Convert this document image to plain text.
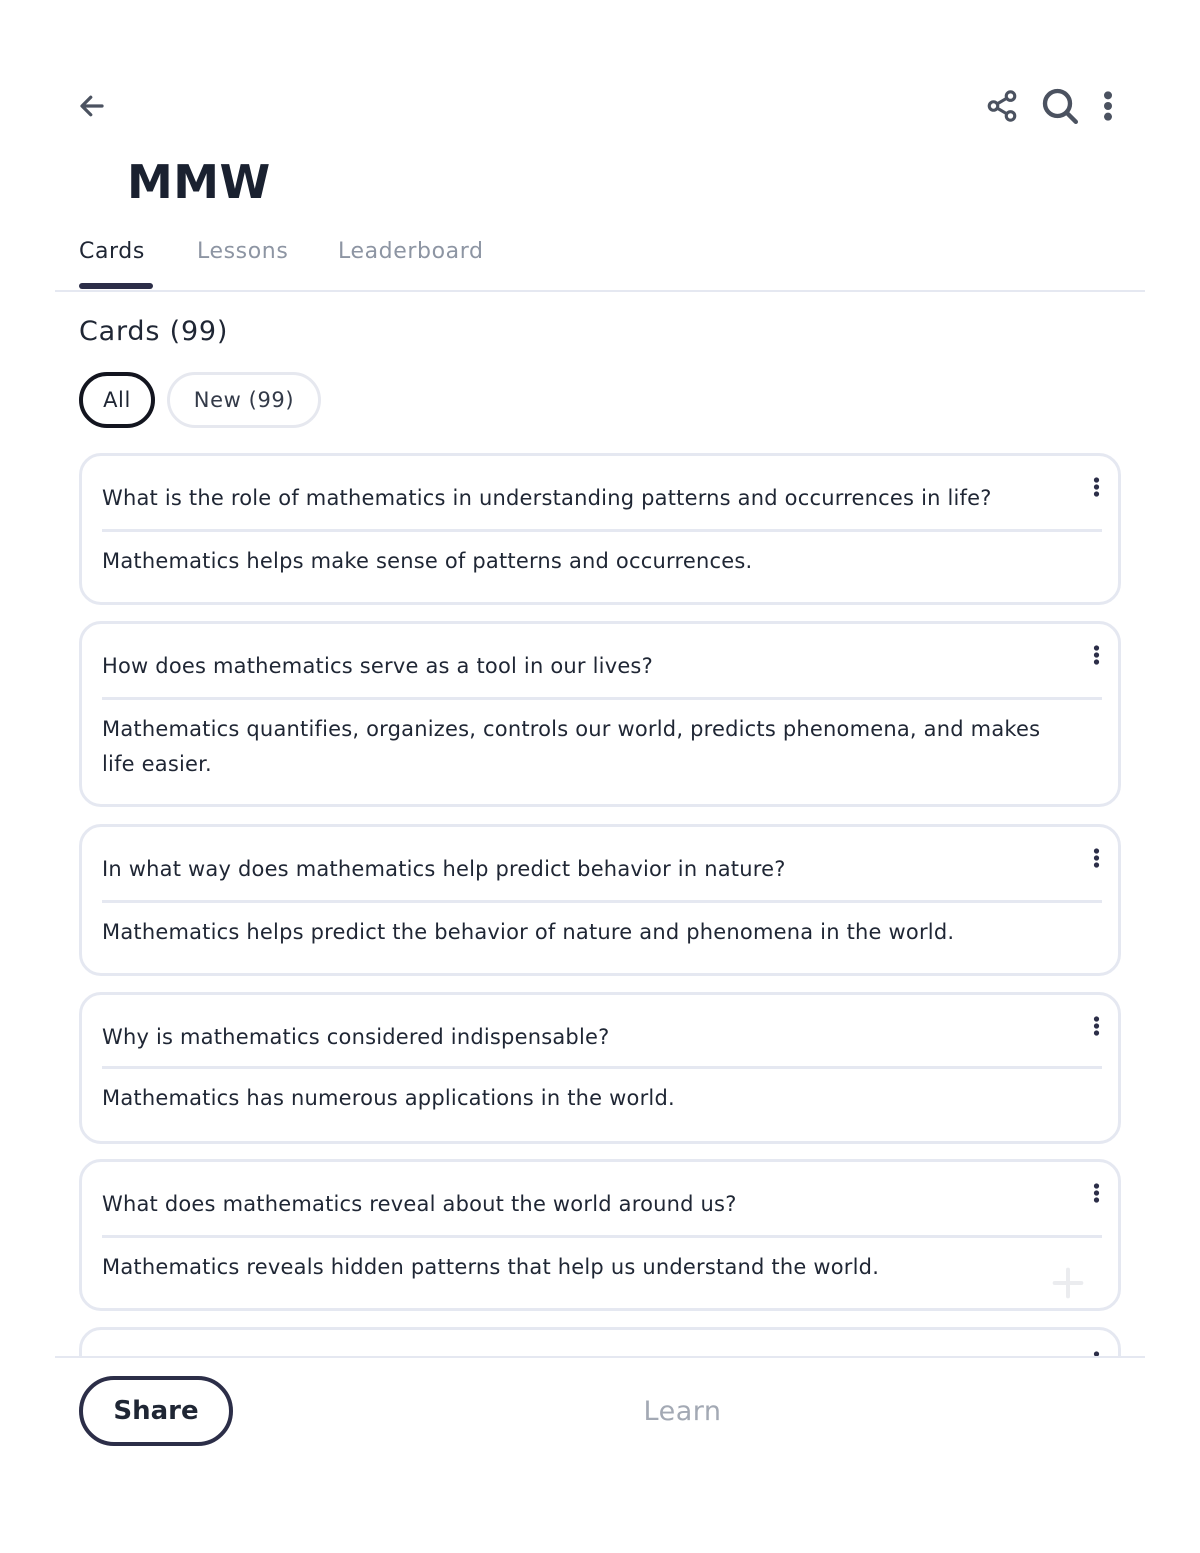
MMW
Cards Lessons Leaderboard
Cards (99)
All	New (99)
What is the role of mathematics in understanding patterns and occurrences in life?
Mathematics helps make sense of patterns and occurrences.
How does mathematics serve as a tool in our lives?
Mathematics quantifies, organizes, controls our world, predicts phenomena, and makes life easier.
In what way does mathematics help predict behavior in nature?
Mathematics helps predict the behavior of nature and phenomena in the world.
Why is mathematics considered indispensable?
Mathematics has numerous applications in the world.
What does mathematics reveal about the world around us?
Mathematics reveals hidden patterns that help us understand the world.
Share	Learn
